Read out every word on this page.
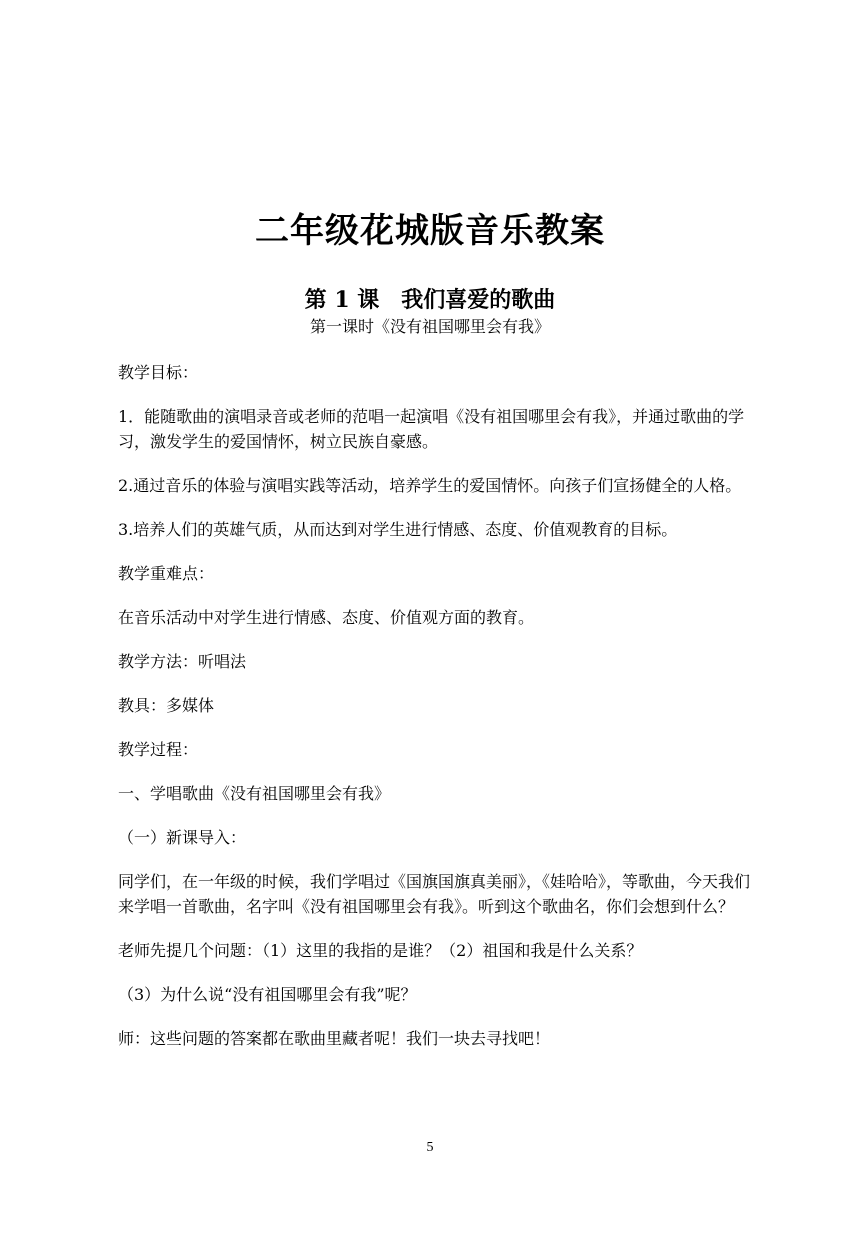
二年级花城版音乐教案
第 1 课　我们喜爱的歌曲
第一课时《没有祖国哪里会有我》

教学目标：

1．能随歌曲的演唱录音或老师的范唱一起演唱《没有祖国哪里会有我》，并通过歌曲的学习，激发学生的爱国情怀，树立民族自豪感。

2.通过音乐的体验与演唱实践等活动，培养学生的爱国情怀。向孩子们宣扬健全的人格。

3.培养人们的英雄气质，从而达到对学生进行情感、态度、价值观教育的目标。

教学重难点：

在音乐活动中对学生进行情感、态度、价值观方面的教育。

教学方法：听唱法

教具：多媒体

教学过程：

一、学唱歌曲《没有祖国哪里会有我》

（一）新课导入：

同学们，在一年级的时候，我们学唱过《国旗国旗真美丽》，《娃哈哈》，等歌曲，今天我们来学唱一首歌曲，名字叫《没有祖国哪里会有我》。听到这个歌曲名，你们会想到什么？

老师先提几个问题：（1）这里的我指的是谁？（2）祖国和我是什么关系？

（3）为什么说“没有祖国哪里会有我”呢？

师：这些问题的答案都在歌曲里藏者呢！我们一块去寻找吧！

5
